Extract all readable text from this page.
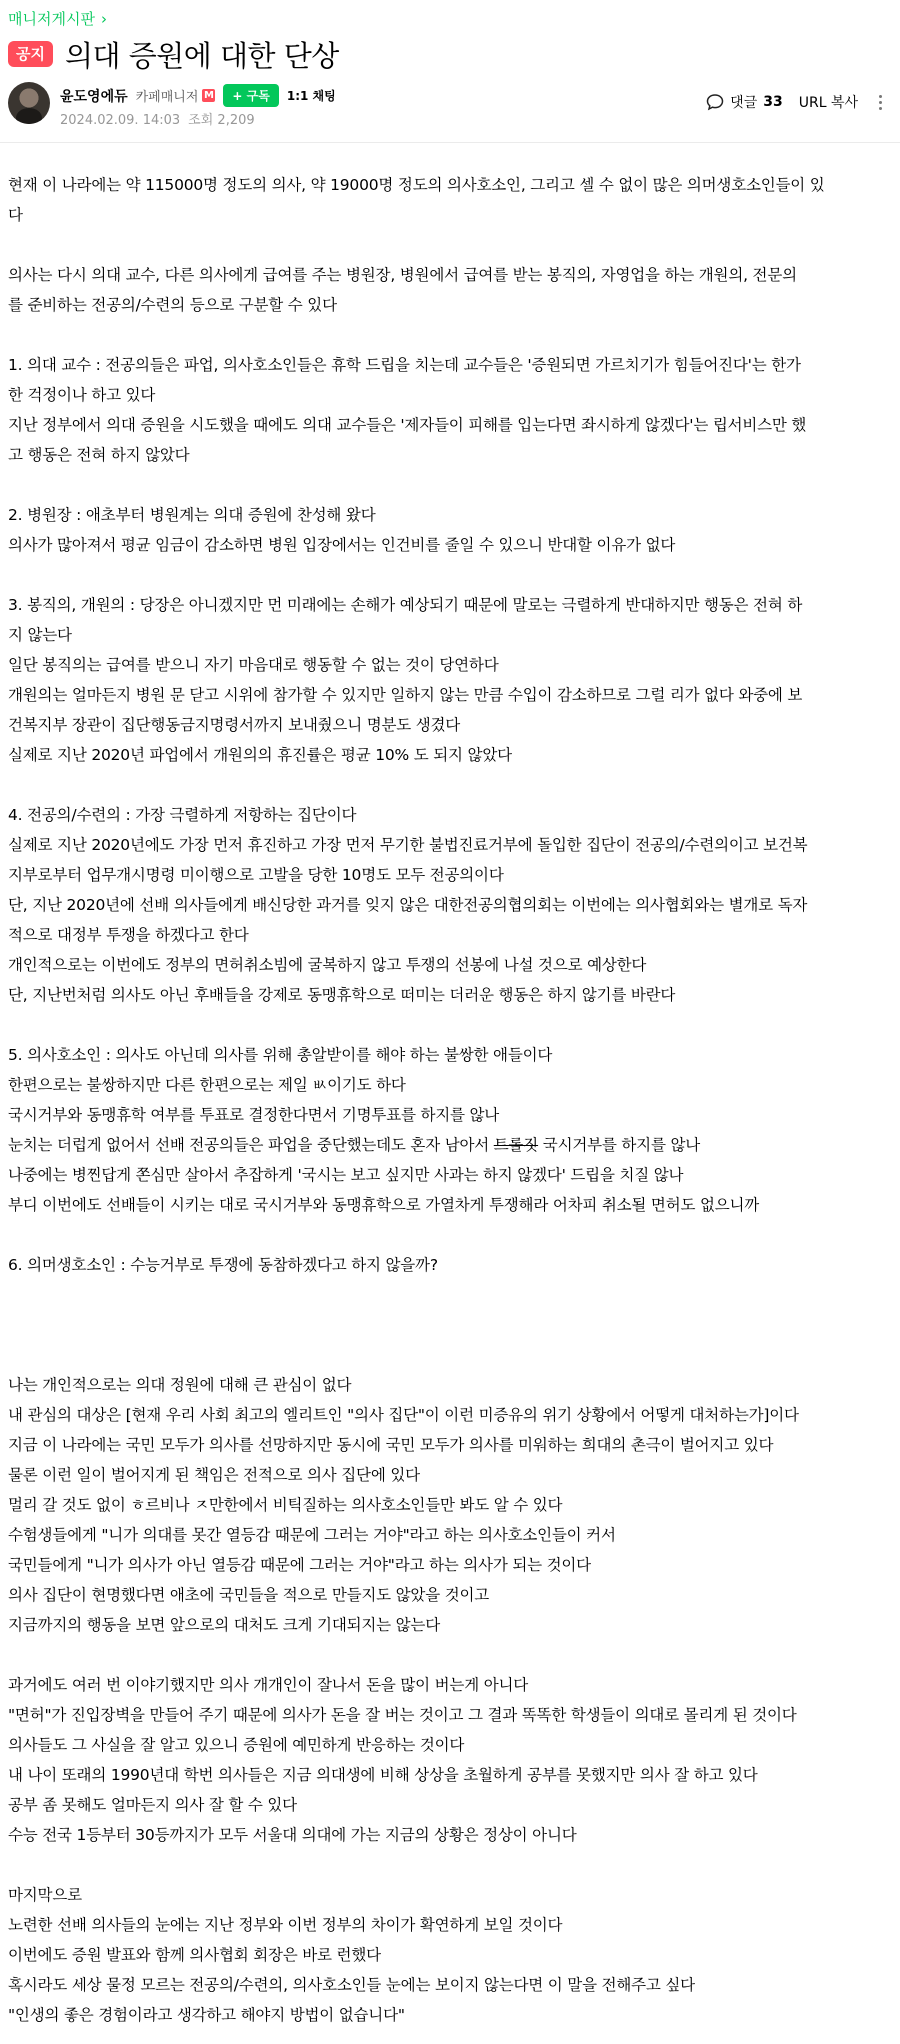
매니저게시판 ›
공지 의대 증원에 대한 단상
윤도영에듀 카페매니저 M	+ 구독	1:1 채팅
2024.02.09. 14:03 조회 2,209
댓글 33 URL 복사

현재 이 나라에는 약 115000명 정도의 의사, 약 19000명 정도의 의사호소인, 그리고 셀 수 없이 많은 의머생호소인들이 있

다

의사는 다시 의대 교수, 다른 의사에게 급여를 주는 병원장, 병원에서 급여를 받는 봉직의, 자영업을 하는 개원의, 전문의

를 준비하는 전공의/수련의 등으로 구분할 수 있다

1. 의대 교수 : 전공의들은 파업, 의사호소인들은 휴학 드립을 치는데 교수들은 '증원되면 가르치기가 힘들어진다'는 한가

한 걱정이나 하고 있다

지난 정부에서 의대 증원을 시도했을 때에도 의대 교수들은 '제자들이 피해를 입는다면 좌시하게 않겠다'는 립서비스만 했

고 행동은 전혀 하지 않았다

2. 병원장 : 애초부터 병원계는 의대 증원에 찬성해 왔다

의사가 많아져서 평균 임금이 감소하면 병원 입장에서는 인건비를 줄일 수 있으니 반대할 이유가 없다

3. 봉직의, 개원의 : 당장은 아니겠지만 먼 미래에는 손해가 예상되기 때문에 말로는 극렬하게 반대하지만 행동은 전혀 하

지 않는다

일단 봉직의는 급여를 받으니 자기 마음대로 행동할 수 없는 것이 당연하다

개원의는 얼마든지 병원 문 닫고 시위에 참가할 수 있지만 일하지 않는 만큼 수입이 감소하므로 그럴 리가 없다 와중에 보

건복지부 장관이 집단행동금지명령서까지 보내줬으니 명분도 생겼다

실제로 지난 2020년 파업에서 개원의의 휴진률은 평균 10% 도 되지 않았다

4. 전공의/수련의 : 가장 극렬하게 저항하는 집단이다

실제로 지난 2020년에도 가장 먼저 휴진하고 가장 먼저 무기한 불법진료거부에 돌입한 집단이 전공의/수련의이고 보건복

지부로부터 업무개시명령 미이행으로 고발을 당한 10명도 모두 전공의이다

단, 지난 2020년에 선배 의사들에게 배신당한 과거를 잊지 않은 대한전공의협의회는 이번에는 의사협회와는 별개로 독자

적으로 대정부 투쟁을 하겠다고 한다

개인적으로는 이번에도 정부의 면허취소빔에 굴복하지 않고 투쟁의 선봉에 나설 것으로 예상한다

단, 지난번처럼 의사도 아닌 후배들을 강제로 동맹휴학으로 떠미는 더러운 행동은 하지 않기를 바란다

5. 의사호소인 : 의사도 아닌데 의사를 위해 총알받이를 해야 하는 불쌍한 애들이다

한편으로는 불쌍하지만 다른 한편으로는 제일 ㅄ이기도 하다

국시거부와 동맹휴학 여부를 투표로 결정한다면서 기명투표를 하지를 않나

눈치는 더럽게 없어서 선배 전공의들은 파업을 중단했는데도 혼자 남아서 트롤짓 국시거부를 하지를 않나

나중에는 병찐답게 쫀심만 살아서 추잡하게 '국시는 보고 싶지만 사과는 하지 않겠다' 드립을 치질 않나

부디 이번에도 선배들이 시키는 대로 국시거부와 동맹휴학으로 가열차게 투쟁해라 어차피 취소될 면허도 없으니까

6. 의머생호소인 : 수능거부로 투쟁에 동참하겠다고 하지 않을까?

나는 개인적으로는 의대 정원에 대해 큰 관심이 없다

내 관심의 대상은 [현재 우리 사회 최고의 엘리트인 "의사 집단"이 이런 미증유의 위기 상황에서 어떻게 대처하는가]이다

지금 이 나라에는 국민 모두가 의사를 선망하지만 동시에 국민 모두가 의사를 미워하는 희대의 촌극이 벌어지고 있다

물론 이런 일이 벌어지게 된 책임은 전적으로 의사 집단에 있다

멀리 갈 것도 없이 ㅎ르비나 ㅈ만한에서 비틱질하는 의사호소인들만 봐도 알 수 있다

수험생들에게 "니가 의대를 못간 열등감 때문에 그러는 거야"라고 하는 의사호소인들이 커서

국민들에게 "니가 의사가 아닌 열등감 때문에 그러는 거야"라고 하는 의사가 되는 것이다

의사 집단이 현명했다면 애초에 국민들을 적으로 만들지도 않았을 것이고

지금까지의 행동을 보면 앞으로의 대처도 크게 기대되지는 않는다

과거에도 여러 번 이야기했지만 의사 개개인이 잘나서 돈을 많이 버는게 아니다

"면허"가 진입장벽을 만들어 주기 때문에 의사가 돈을 잘 버는 것이고 그 결과 똑똑한 학생들이 의대로 몰리게 된 것이다

의사들도 그 사실을 잘 알고 있으니 증원에 예민하게 반응하는 것이다

내 나이 또래의 1990년대 학번 의사들은 지금 의대생에 비해 상상을 초월하게 공부를 못했지만 의사 잘 하고 있다

공부 좀 못해도 얼마든지 의사 잘 할 수 있다

수능 전국 1등부터 30등까지가 모두 서울대 의대에 가는 지금의 상황은 정상이 아니다

마지막으로

노련한 선배 의사들의 눈에는 지난 정부와 이번 정부의 차이가 확연하게 보일 것이다

이번에도 증원 발표와 함께 의사협회 회장은 바로 런했다

혹시라도 세상 물정 모르는 전공의/수련의, 의사호소인들 눈에는 보이지 않는다면 이 말을 전해주고 싶다

"인생의 좋은 경험이라고 생각하고 해야지 방법이 없습니다"
